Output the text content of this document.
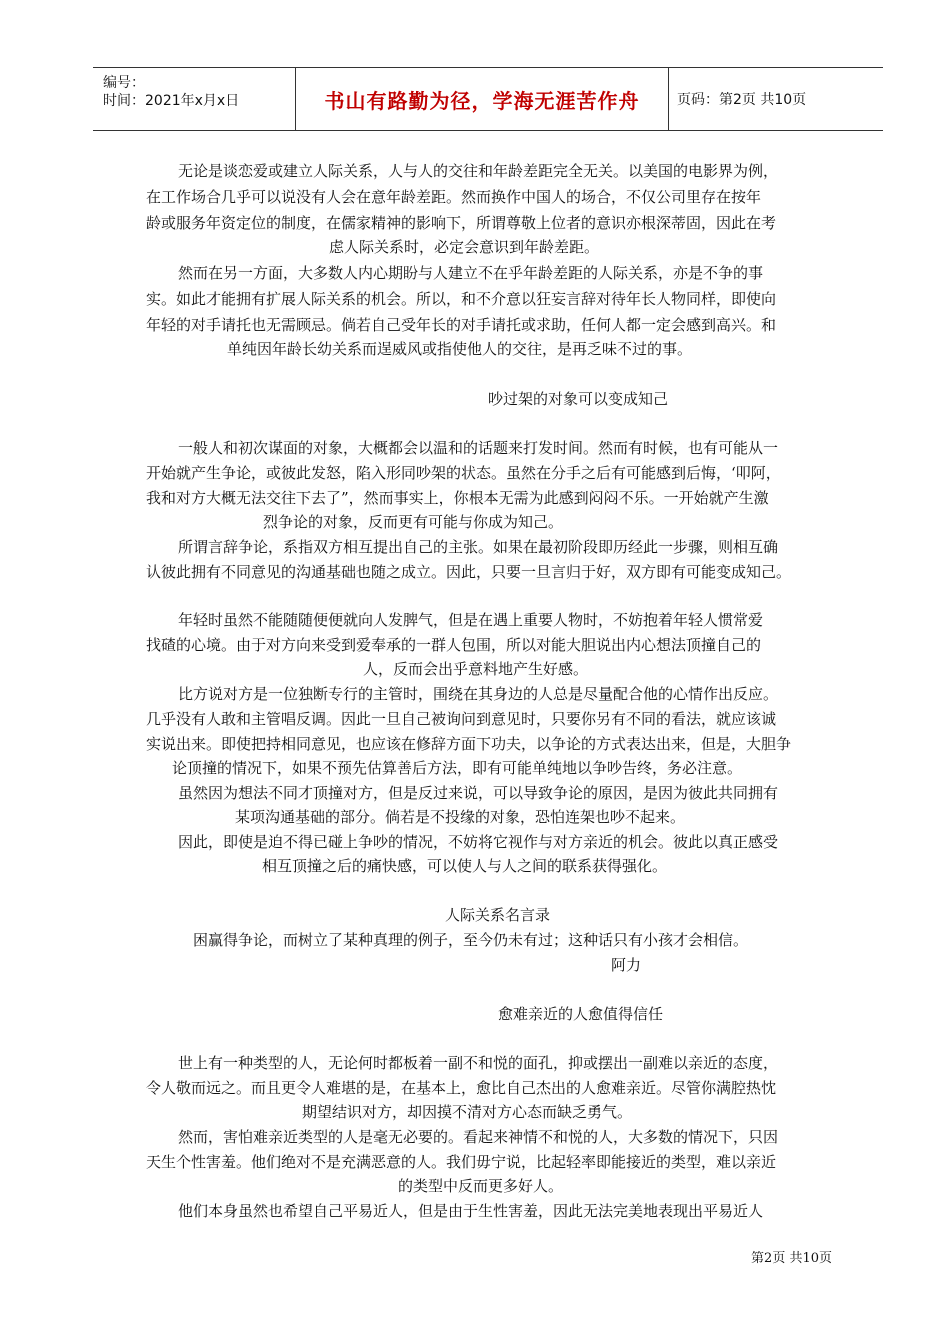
编号：
时间：2021年x月x日	书山有路勤为径，学海无涯苦作舟	页码：第2页 共10页
无论是谈恋爱或建立人际关系，人与人的交往和年龄差距完全无关。以美国的电影界为例，
在工作场合几乎可以说没有人会在意年龄差距。然而换作中国人的场合，不仅公司里存在按年
龄或服务年资定位的制度，在儒家精神的影响下，所谓尊敬上位者的意识亦根深蒂固，因此在考
虑人际关系时，必定会意识到年龄差距。
然而在另一方面，大多数人内心期盼与人建立不在乎年龄差距的人际关系，亦是不争的事
实。如此才能拥有扩展人际关系的机会。所以，和不介意以狂妄言辞对待年长人物同样，即使向
年轻的对手请托也无需顾忌。倘若自己受年长的对手请托或求助，任何人都一定会感到高兴。和
单纯因年龄长幼关系而逞威风或指使他人的交往，是再乏味不过的事。
吵过架的对象可以变成知己
一般人和初次谋面的对象，大概都会以温和的话题来打发时间。然而有时候，也有可能从一
开始就产生争论，或彼此发怒，陷入形同吵架的状态。虽然在分手之后有可能感到后悔，‘叩阿，
我和对方大概无法交往下去了”，然而事实上，你根本无需为此感到闷闷不乐。一开始就产生激
烈争论的对象，反而更有可能与你成为知己。
所谓言辞争论，系指双方相互提出自己的主张。如果在最初阶段即历经此一步骤，则相互确
认彼此拥有不同意见的沟通基础也随之成立。因此，只要一旦言归于好，双方即有可能变成知己。
年轻时虽然不能随随便便就向人发脾气，但是在遇上重要人物时，不妨抱着年轻人惯常爱
找碴的心境。由于对方向来受到爱奉承的一群人包围，所以对能大胆说出内心想法顶撞自己的
人，反而会出乎意料地产生好感。
比方说对方是一位独断专行的主管时，围绕在其身边的人总是尽量配合他的心情作出反应。
几乎没有人敢和主管唱反调。因此一旦自己被询问到意见时，只要你另有不同的看法，就应该诚
实说出来。即使把持相同意见，也应该在修辞方面下功夫，以争论的方式表达出来，但是，大胆争
论顶撞的情况下，如果不预先估算善后方法，即有可能单纯地以争吵告终，务必注意。
虽然因为想法不同才顶撞对方，但是反过来说，可以导致争论的原因，是因为彼此共同拥有
某项沟通基础的部分。倘若是不投缘的对象，恐怕连架也吵不起来。
因此，即使是迫不得已碰上争吵的情况，不妨将它视作与对方亲近的机会。彼此以真正感受
相互顶撞之后的痛快感，可以使人与人之间的联系获得强化。
人际关系名言录
困赢得争论，而树立了某种真理的例子，至今仍未有过；这种话只有小孩才会相信。
阿力
愈难亲近的人愈值得信任
世上有一种类型的人，无论何时都板着一副不和悦的面孔，抑或摆出一副难以亲近的态度，
令人敬而远之。而且更令人难堪的是，在基本上，愈比自己杰出的人愈难亲近。尽管你满腔热忱
期望结识对方，却因摸不清对方心态而缺乏勇气。
然而，害怕难亲近类型的人是毫无必要的。看起来神情不和悦的人，大多数的情况下，只因
天生个性害羞。他们绝对不是充满恶意的人。我们毋宁说，比起轻率即能接近的类型，难以亲近
的类型中反而更多好人。
他们本身虽然也希望自己平易近人，但是由于生性害羞，因此无法完美地表现出平易近人
第2页 共10页
